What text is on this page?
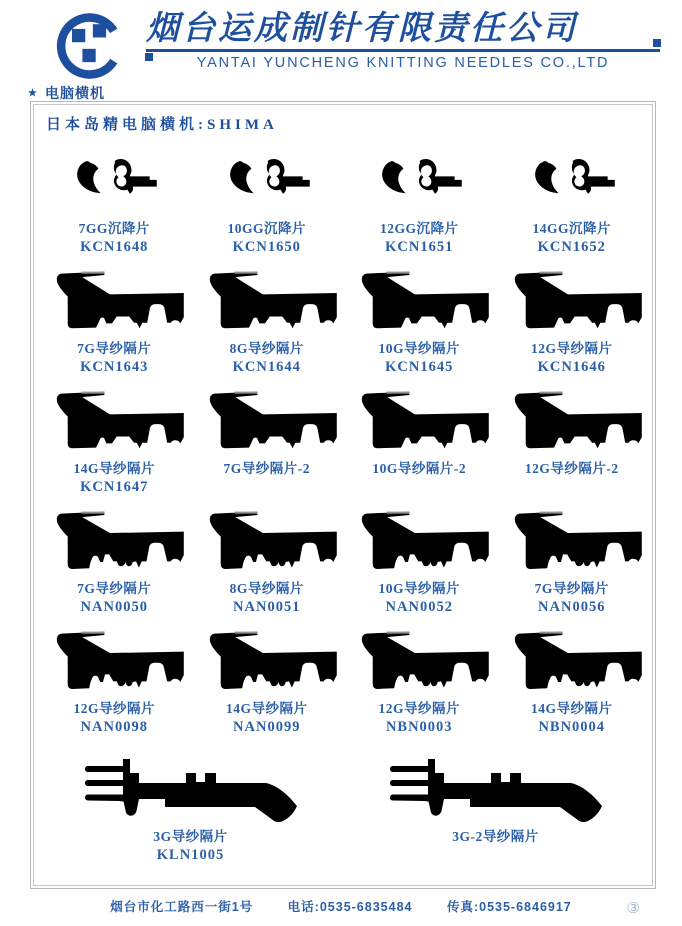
烟台运成制针有限责任公司
YANTAI YUNCHENG KNITTING NEEDLES CO.,LTD
★ 电脑横机
日本岛精电脑横机:SHIMA
7GG沉降片
KCN1648
10GG沉降片
KCN1650
12GG沉降片
KCN1651
14GG沉降片
KCN1652
7G导纱隔片
KCN1643
8G导纱隔片
KCN1644
10G导纱隔片
KCN1645
12G导纱隔片
KCN1646
14G导纱隔片
KCN1647
7G导纱隔片-2	10G导纱隔片-2	12G导纱隔片-2
7G导纱隔片
NAN0050
8G导纱隔片
NAN0051
10G导纱隔片
NAN0052
7G导纱隔片
NAN0056
12G导纱隔片
NAN0098
14G导纱隔片
NAN0099
12G导纱隔片
NBN0003
14G导纱隔片
NBN0004
3G导纱隔片
KLN1005
3G-2导纱隔片
烟台市化工路西一街1号	电话:0535-6835484	传真:0535-6846917	③
